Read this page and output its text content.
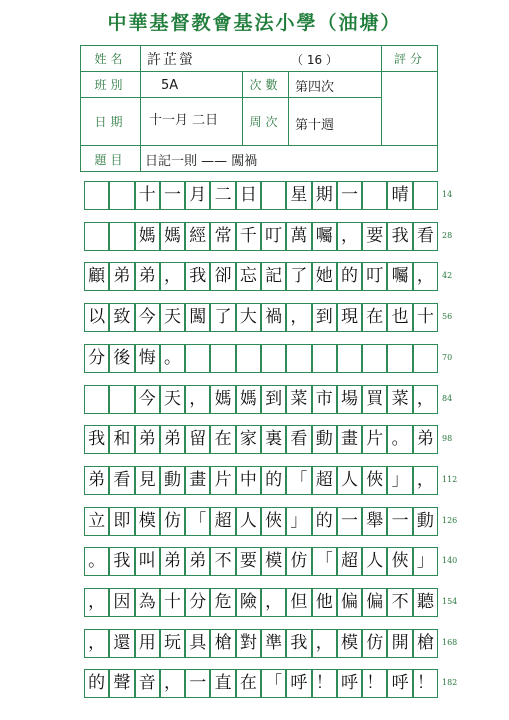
中華基督教會基法小學（油塘）
姓名	許芷螢	（ 16 ）	評分
班別	5A	次數	第四次
日期	十一月 二日	周次	第十週
題目	日記一則 —— 闖禍
十 一 月 二 日 星 期 一 晴	14
媽 媽 經 常 千 叮 萬 囑 ， 要 我 看	28
顧 弟 弟 ， 我 卻 忘 記 了 她 的 叮 囑 ，	42
以 致 今 天 闖 了 大 禍 ， 到 現 在 也 十	56
分 後 悔 。	70
今 天 ， 媽 媽 到 菜 市 場 買 菜 ，	84
我 和 弟 弟 留 在 家 裏 看 動 畫 片 。 弟	98
弟 看 見 動 畫 片 中 的 「 超 人 俠 」 ，	112
立 即 模 仿 「 超 人 俠 」 的 一 舉 一 動	126
。 我 叫 弟 弟 不 要 模 仿 「 超 人 俠 」	140
， 因 為 十 分 危 險 ， 但 他 偏 偏 不 聽	154
， 還 用 玩 具 槍 對 準 我 ， 模 仿 開 槍	168
的 聲 音 ， 一 直 在 「 呼 ！ 呼 ！ 呼 ！	182
